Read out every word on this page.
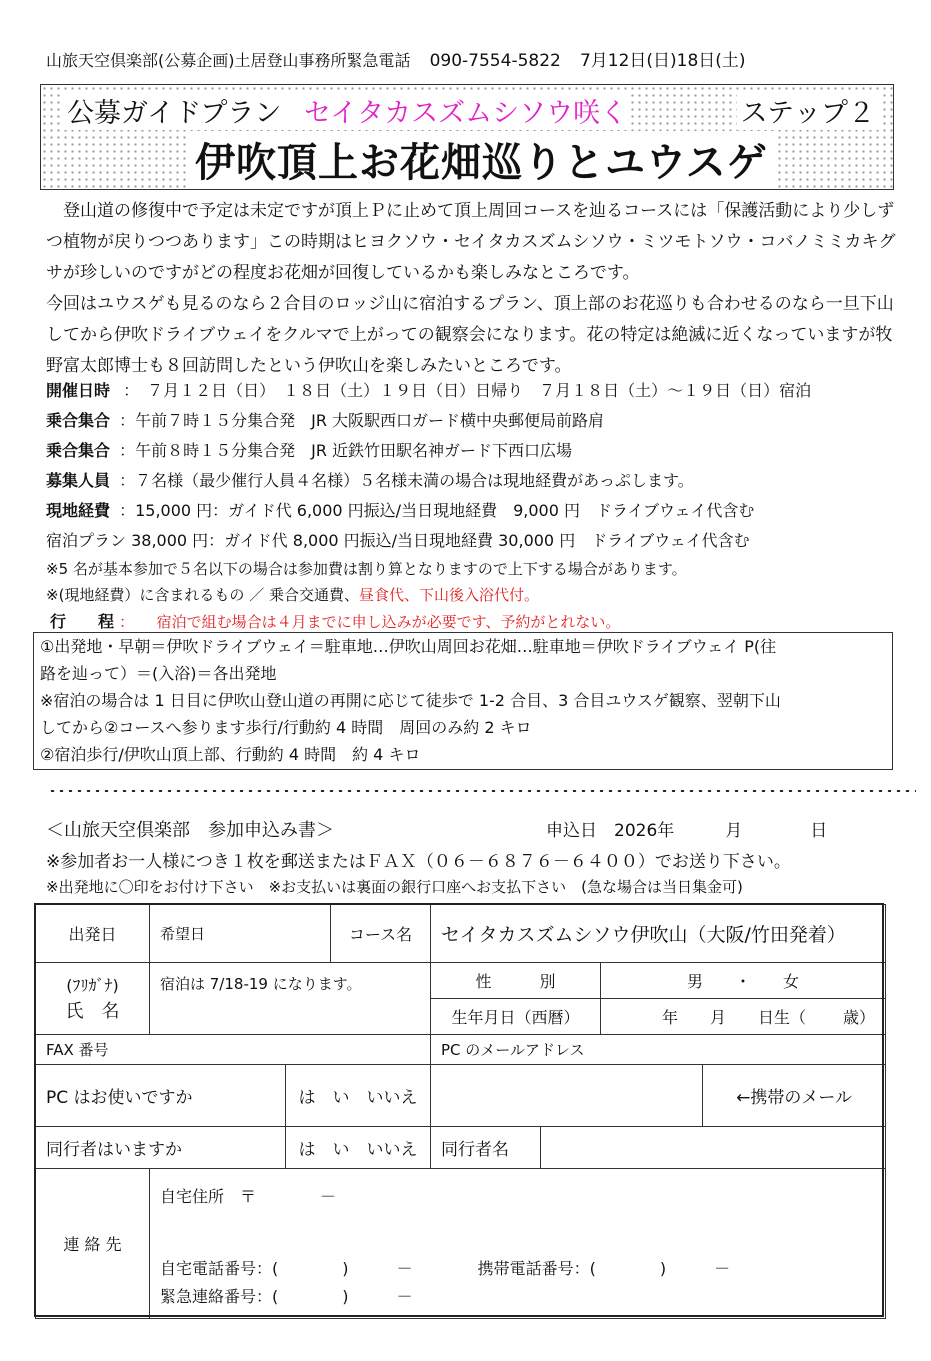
山旅天空倶楽部(公募企画)土居登山事務所緊急電話 090-7554-5822 7月12日(日)18日(土)
公募ガイドプラン セイタカスズムシソウ咲く	ステップ２
伊吹頂上お花畑巡りとユウスゲ

　登山道の修復中で予定は未定ですが頂上Ｐに止めて頂上周回コースを辿るコースには「保護活動により少しずつ植物が戻りつつあります」この時期はヒヨクソウ・セイタカスズムシソウ・ミツモトソウ・コバノミミカキグサが珍しいのですがどの程度お花畑が回復しているかも楽しみなところです。

今回はユウスゲも見るのなら２合目のロッジ山に宿泊するプラン、頂上部のお花巡りも合わせるのなら一旦下山してから伊吹ドライブウェイをクルマで上がっての観察会になります。花の特定は絶滅に近くなっていますが牧野富太郎博士も８回訪問したという伊吹山を楽しみたいところです。

開催日時 ：　７月１２日（日）　１８日（土）１９日（日）日帰り　７月１８日（土）～１９日（日）宿泊
乗合集合 ：午前７時１５分集合発　JR 大阪駅西口ガード横中央郵便局前路肩
乗合集合 ：午前８時１５分集合発　JR 近鉄竹田駅名神ガード下西口広場
募集人員 ：７名様（最少催行人員４名様）５名様未満の場合は現地経費があっぷします。
現地経費 ：15,000 円：ガイド代 6,000 円振込/当日現地経費　9,000 円　ドライブウェイ代含む
宿泊プラン 38,000 円：ガイド代 8,000 円振込/当日現地経費 30,000 円　ドライブウェイ代含む
※5 名が基本参加で５名以下の場合は参加費は割り算となりますので上下する場合があります。
※(現地経費）に含まれるもの ／ 乗合交通費、昼食代、下山後入浴代付。
行　　程 ：　　宿泊で組む場合は４月までに申し込みが必要です、予約がとれない。
①出発地・早朝＝伊吹ドライブウェイ＝駐車地…伊吹山周回お花畑…駐車地＝伊吹ドライブウェイ P(往
路を辿って）＝(入浴)＝各出発地
※宿泊の場合は 1 日目に伊吹山登山道の再開に応じて徒歩で 1-2 合目、3 合目ユウスゲ観察、翌朝下山
してから②コースへ参ります歩行/行動約 4 時間　周回のみ約 2 キロ
②宿泊歩行/伊吹山頂上部、行動約 4 時間　約 4 キロ
＜山旅天空倶楽部　参加申込み書＞	申込日　2026年　　　月　　　　日
※参加者お一人様につき１枚を郵送またはＦＡＸ（０６－６８７６－６４００）でお送り下さい。
※出発地に〇印をお付け下さい　※お支払いは裏面の銀行口座へお支払下さい　(急な場合は当日集金可)
出発日	希望日		コース名	セイタカスズムシソウ伊吹山（大阪/竹田発着）			

(ﾌﾘｶﾞﾅ)
氏　名	宿泊は 7/18-19 になります。			性　　　別		男　　・　　女	
				生年月日（西暦）		年　　月　　日生（　　 歳）	
FAX 番号				PC のメールアドレス			
PC はお使いですか		は　い　いいえ					←携帯のメール
同行者はいますか		は　い　いいえ		同行者名			
連 絡 先	自宅住所　〒　　　　－
自宅電話番号：(　　　　)　　　－ 携帯電話番号：(　　　　)　　　－
緊急連絡番号：(　　　　)　　　－						
